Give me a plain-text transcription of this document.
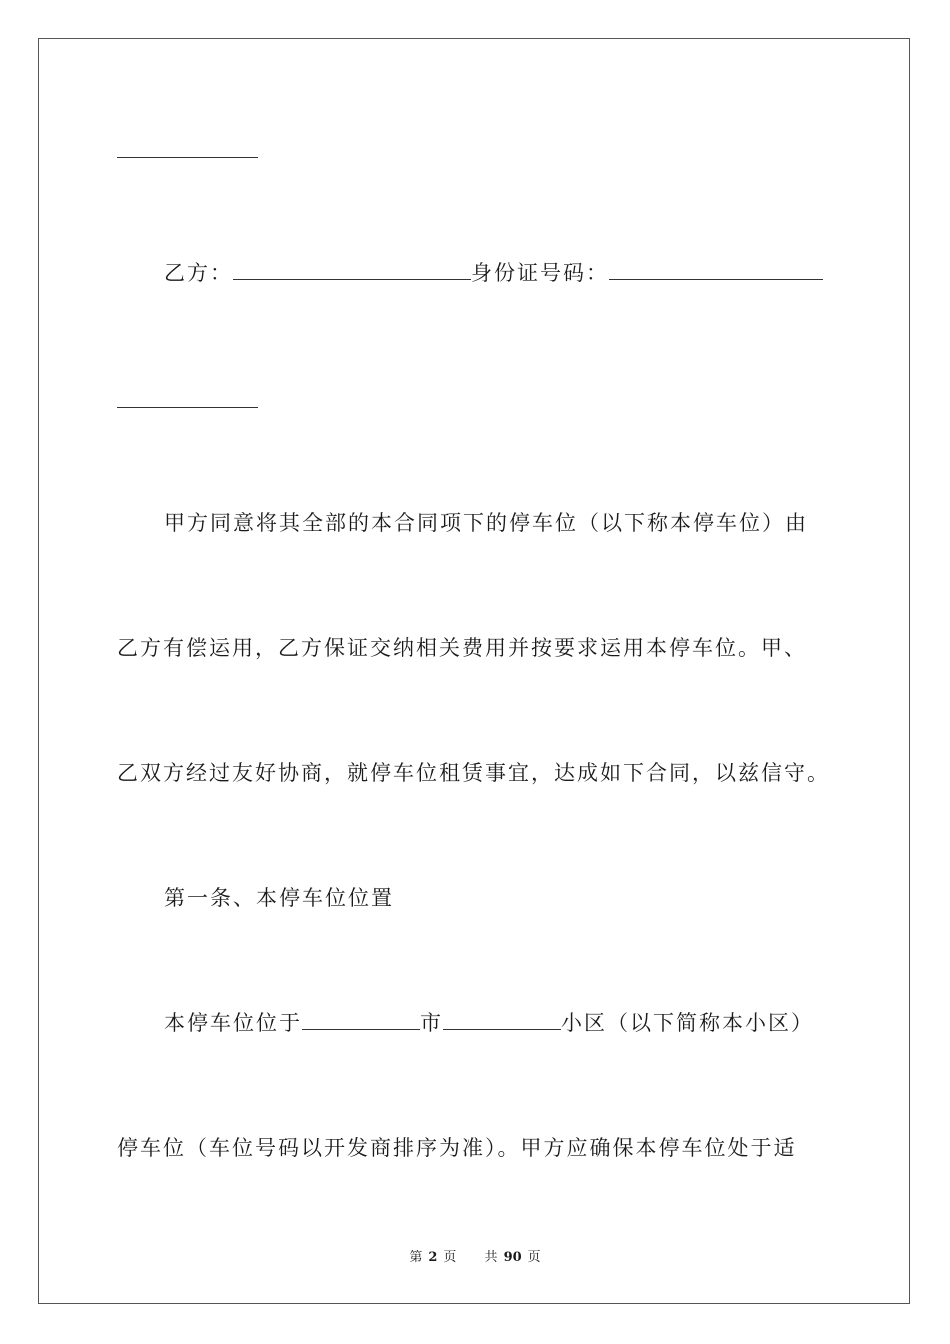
乙方：	身份证号码：
甲方同意将其全部的本合同项下的停车位（以下称本停车位）由
乙方有偿运用，乙方保证交纳相关费用并按要求运用本停车位。甲、
乙双方经过友好协商，就停车位租赁事宜，达成如下合同，以兹信守。
第一条、本停车位位置
本停车位位于	市	小区（以下简称本小区）
停车位（车位号码以开发商排序为准）。甲方应确保本停车位处于适
第 2 页 共 90 页
